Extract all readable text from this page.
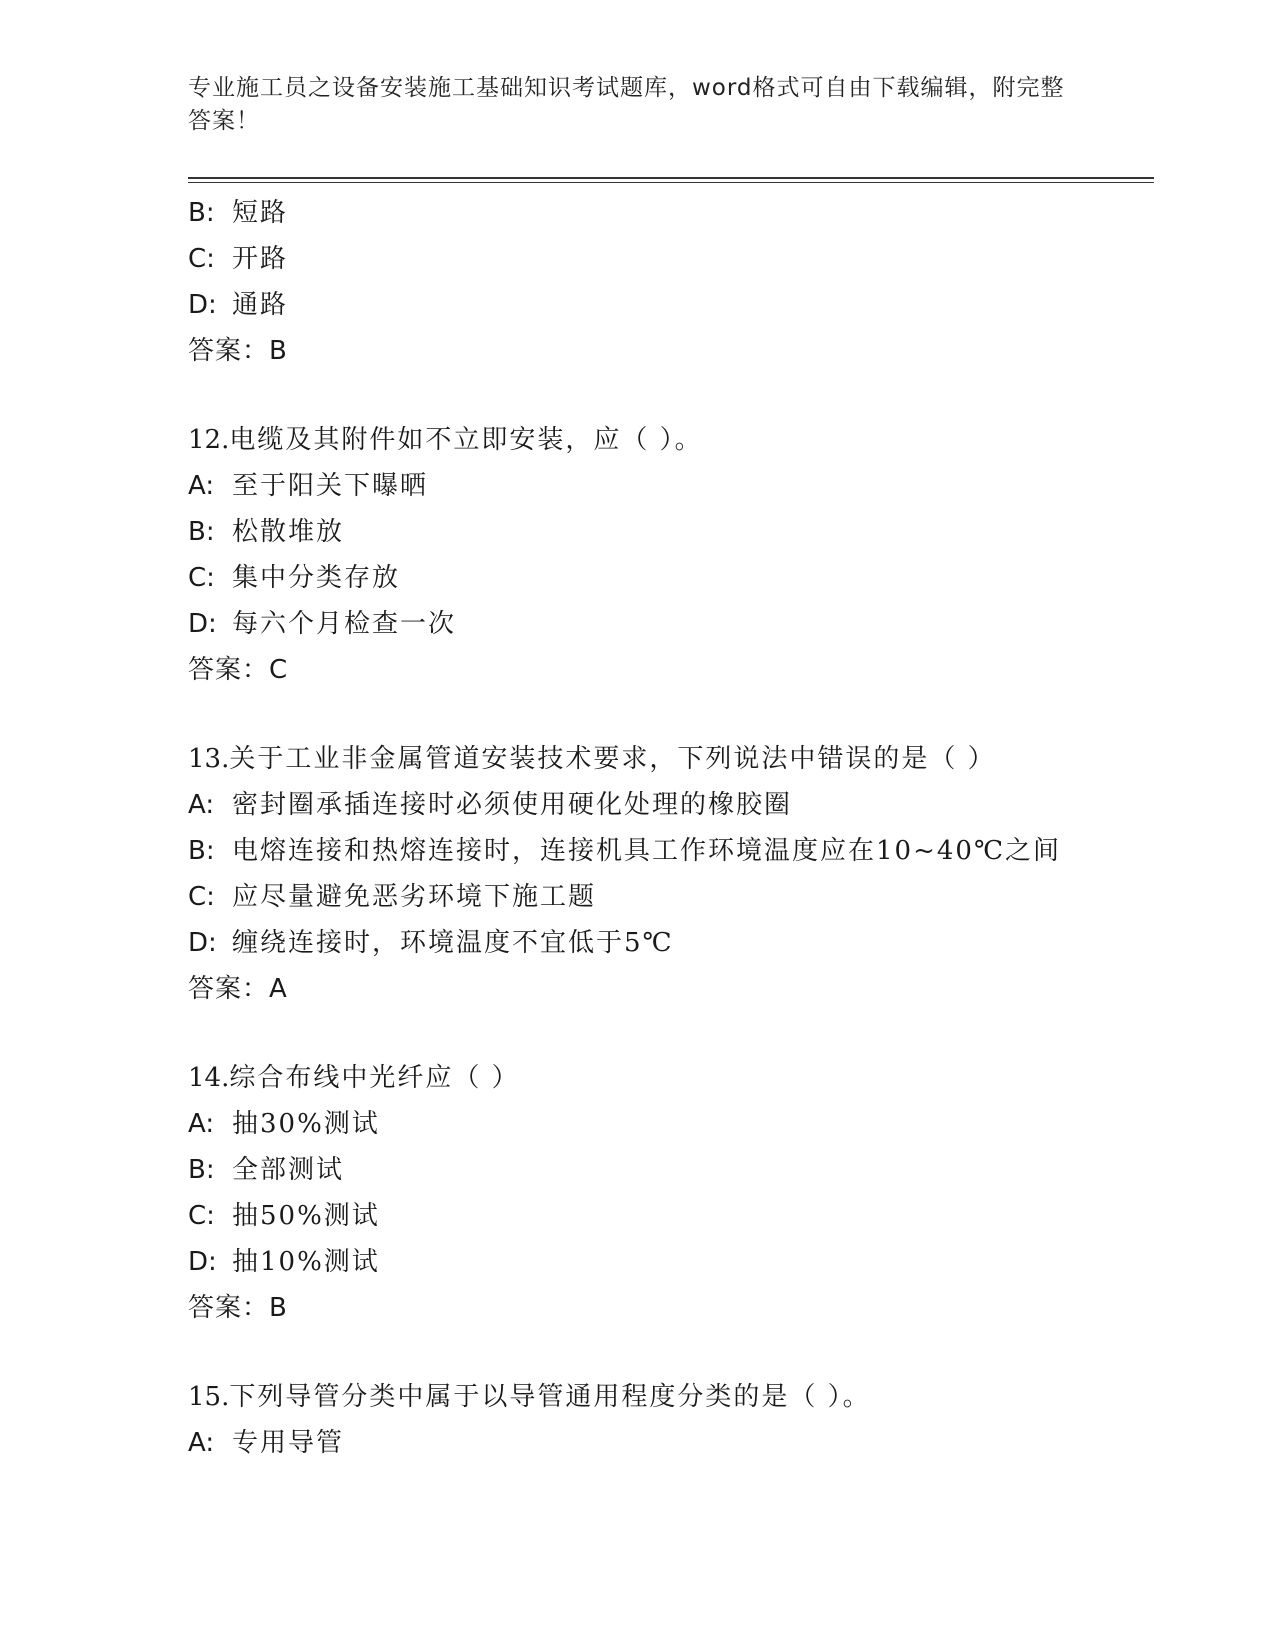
专业施工员之设备安装施工基础知识考试题库，word格式可自由下载编辑，附完整答案！
B: 短路
C: 开路
D: 通路
答案：B
12.电缆及其附件如不立即安装，应（ ）。
A: 至于阳关下曝晒
B: 松散堆放
C: 集中分类存放
D: 每六个月检查一次
答案：C
13.关于工业非金属管道安装技术要求，下列说法中错误的是（ ）
A: 密封圈承插连接时必须使用硬化处理的橡胶圈
B: 电熔连接和热熔连接时，连接机具工作环境温度应在10~40℃之间
C: 应尽量避免恶劣环境下施工题
D: 缠绕连接时，环境温度不宜低于5℃
答案：A
14.综合布线中光纤应（ ）
A: 抽30%测试
B: 全部测试
C: 抽50%测试
D: 抽10%测试
答案：B
15.下列导管分类中属于以导管通用程度分类的是（ ）。
A: 专用导管
